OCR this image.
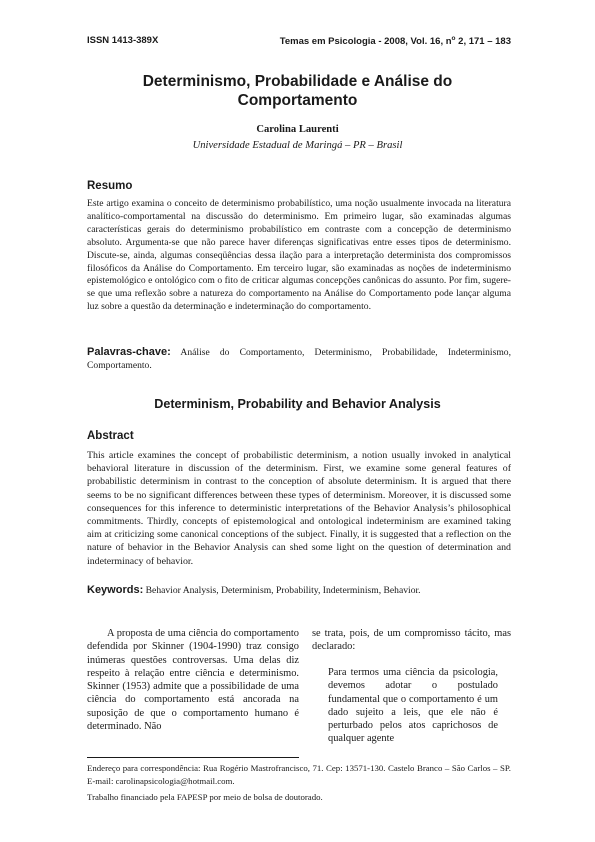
ISSN 1413-389X	Temas em Psicologia - 2008, Vol. 16, $n^o$ 2, 171 – 183
Determinismo, Probabilidade e Análise do
Comportamento
Carolina Laurenti
Universidade Estadual de Maringá – PR – Brasil
Resumo
Este artigo examina o conceito de determinismo probabilístico, uma noção usualmente invocada na literatura analítico-comportamental na discussão do determinismo. Em primeiro lugar, são examinadas algumas características gerais do determinismo probabilístico em contraste com a concepção de determinismo absoluto. Argumenta-se que não parece haver diferenças significativas entre esses tipos de determinismo. Discute-se, ainda, algumas conseqüências dessa ilação para a interpretação determinista dos compromissos filosóficos da Análise do Comportamento. Em terceiro lugar, são examinadas as noções de indeterminismo epistemológico e ontológico com o fito de criticar algumas concepções canônicas do assunto. Por fim, sugere-se que uma reflexão sobre a natureza do comportamento na Análise do Comportamento pode lançar alguma luz sobre a questão da determinação e indeterminação do comportamento.
Palavras-chave: Análise do Comportamento, Determinismo, Probabilidade, Indeterminismo, Comportamento.
Determinism, Probability and Behavior Analysis
Abstract
This article examines the concept of probabilistic determinism, a notion usually invoked in analytical behavioral literature in discussion of the determinism. First, we examine some general features of probabilistic determinism in contrast to the conception of absolute determinism. It is argued that there seems to be no significant differences between these types of determinism. Moreover, it is discussed some consequences for this inference to deterministic interpretations of the Behavior Analysis’s philosophical commitments. Thirdly, concepts of epistemological and ontological indeterminism are examined taking aim at criticizing some canonical conceptions of the subject. Finally, it is suggested that a reflection on the nature of behavior in the Behavior Analysis can shed some light on the question of determination and indeterminacy of behavior.
Keywords: Behavior Analysis, Determinism, Probability, Indeterminism, Behavior.
A proposta de uma ciência do comportamento defendida por Skinner (1904-1990) traz consigo inúmeras questões controversas. Uma delas diz respeito à relação entre ciência e determinismo. Skinner (1953) admite que a possibilidade de uma ciência do comportamento está ancorada na suposição de que o comportamento humano é determinado. Não
se trata, pois, de um compromisso tácito, mas declarado:
Para termos uma ciência da psicologia, devemos adotar o postulado fundamental que o comportamento é um dado sujeito a leis, que ele não é perturbado pelos atos caprichosos de qualquer agente
Endereço para correspondência: Rua Rogério Mastrofrancisco, 71. Cep: 13571-130. Castelo Branco – São Carlos – SP. E-mail: carolinapsicologia@hotmail.com.
Trabalho financiado pela FAPESP por meio de bolsa de doutorado.
